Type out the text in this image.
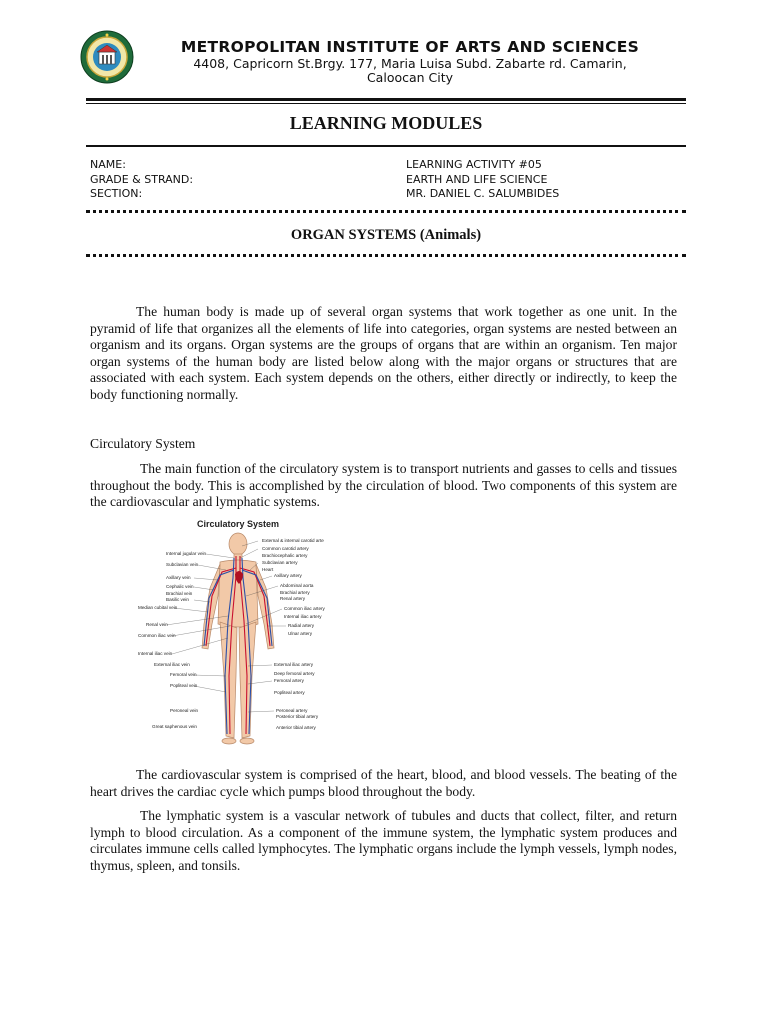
METROPOLITAN INSTITUTE OF ARTS AND SCIENCES
4408, Capricorn St.Brgy. 177, Maria Luisa Subd. Zabarte rd. Camarin,
Caloocan City
LEARNING MODULES
NAME:
GRADE & STRAND:
SECTION:
LEARNING ACTIVITY #05
EARTH AND LIFE SCIENCE
MR. DANIEL C. SALUMBIDES
ORGAN SYSTEMS (Animals)
The human body is made up of several organ systems that work together as one unit. In the pyramid of life that organizes all the elements of life into categories, organ systems are nested between an organism and its organs. Organ systems are the groups of organs that are within an organism. Ten major organ systems of the human body are listed below along with the major organs or structures that are associated with each system. Each system depends on the others, either directly or indirectly, to keep the body functioning normally.
Circulatory System
The main function of the circulatory system is to transport nutrients and gasses to cells and tissues throughout the body. This is accomplished by the circulation of blood. Two components of this system are the cardiovascular and lymphatic systems.
Circulatory System
Internal jugular vein
Subclavian vein
Axillary vein
Cephalic vein
Brachial vein
Basilic vein
Median cubital vein
Renal vein
Common iliac vein
Internal iliac vein
External iliac vein
Femoral vein
Popliteal vein
Peroneal vein
Great saphenous vein
External & internal carotid arte
Common carotid artery
Brachiocephalic artery
Subclavian artery
Heart
Axillary artery
Abdominal aorta
Brachial artery
Renal artery
Common iliac artery
Internal iliac artery
Radial artery
Ulnar artery
External iliac artery
Deep femoral artery
Femoral artery
Popliteal artery
Peroneal artery
Posterior tibial artery
Anterior tibial artery
The cardiovascular system is comprised of the heart, blood, and blood vessels. The beating of the heart drives the cardiac cycle which pumps blood throughout the body.
The lymphatic system is a vascular network of tubules and ducts that collect, filter, and return lymph to blood circulation. As a component of the immune system, the lymphatic system produces and circulates immune cells called lymphocytes. The lymphatic organs include the lymph vessels, lymph nodes, thymus, spleen, and tonsils.
